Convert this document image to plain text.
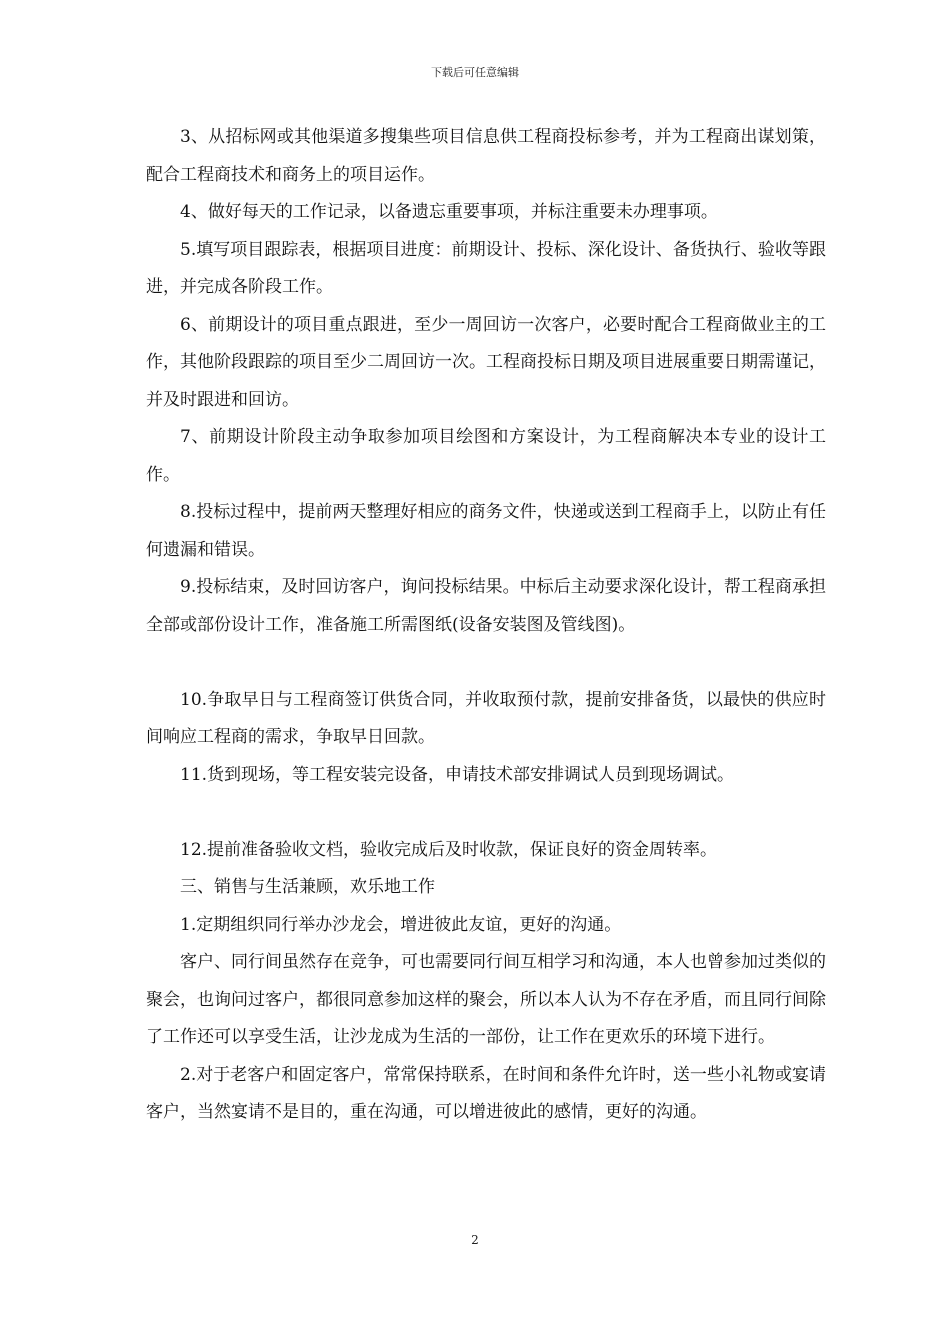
下载后可任意编辑

3、从招标网或其他渠道多搜集些项目信息供工程商投标参考，并为工程商出谋划策，配合工程商技术和商务上的项目运作。

4、做好每天的工作记录，以备遗忘重要事项，并标注重要未办理事项。

5.填写项目跟踪表，根据项目进度：前期设计、投标、深化设计、备货执行、验收等跟进，并完成各阶段工作。

6、前期设计的项目重点跟进，至少一周回访一次客户，必要时配合工程商做业主的工作，其他阶段跟踪的项目至少二周回访一次。工程商投标日期及项目进展重要日期需谨记，并及时跟进和回访。

7、前期设计阶段主动争取参加项目绘图和方案设计，为工程商解决本专业的设计工作。

8.投标过程中，提前两天整理好相应的商务文件，快递或送到工程商手上，以防止有任何遗漏和错误。

9.投标结束，及时回访客户，询问投标结果。中标后主动要求深化设计，帮工程商承担全部或部份设计工作，准备施工所需图纸(设备安装图及管线图)。

10.争取早日与工程商签订供货合同，并收取预付款，提前安排备货，以最快的供应时间响应工程商的需求，争取早日回款。

11.货到现场，等工程安装完设备，申请技术部安排调试人员到现场调试。

12.提前准备验收文档，验收完成后及时收款，保证良好的资金周转率。

三、销售与生活兼顾，欢乐地工作

1.定期组织同行举办沙龙会，增进彼此友谊，更好的沟通。

客户、同行间虽然存在竞争，可也需要同行间互相学习和沟通，本人也曾参加过类似的聚会，也询问过客户，都很同意参加这样的聚会，所以本人认为不存在矛盾，而且同行间除了工作还可以享受生活，让沙龙成为生活的一部份，让工作在更欢乐的环境下进行。

2.对于老客户和固定客户，常常保持联系，在时间和条件允许时，送一些小礼物或宴请客户，当然宴请不是目的，重在沟通，可以增进彼此的感情，更好的沟通。

2
